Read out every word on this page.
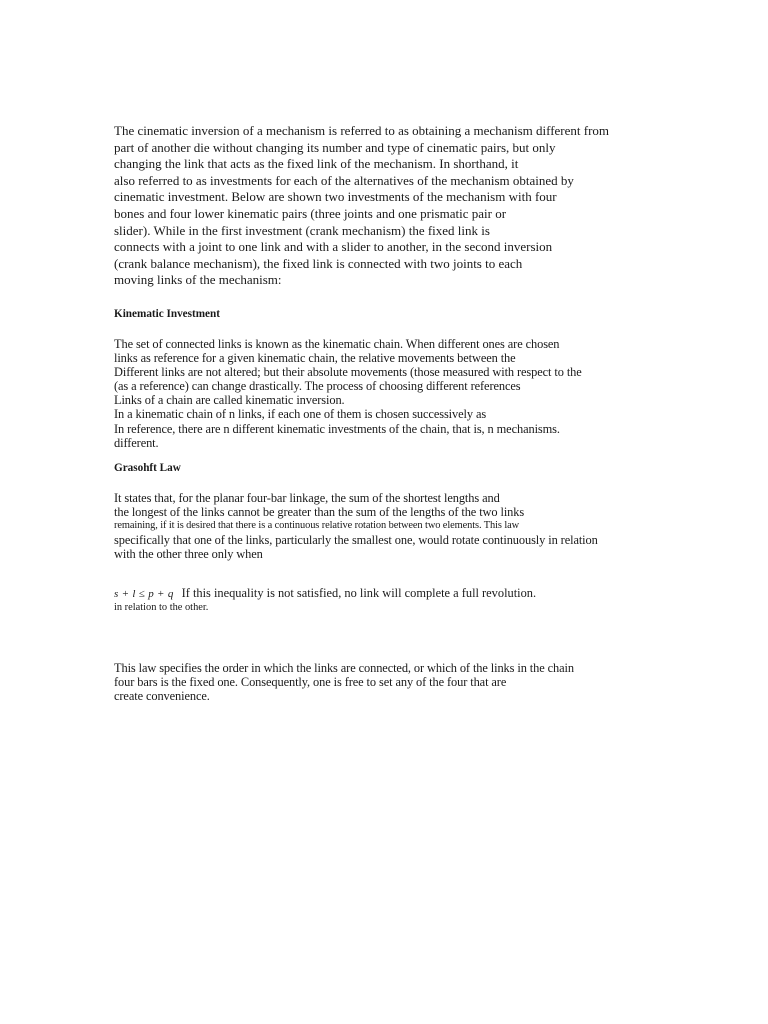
The cinematic inversion of a mechanism is referred to as obtaining a mechanism different from
part of another die without changing its number and type of cinematic pairs, but only
changing the link that acts as the fixed link of the mechanism. In shorthand, it
also referred to as investments for each of the alternatives of the mechanism obtained by
cinematic investment. Below are shown two investments of the mechanism with four
bones and four lower kinematic pairs (three joints and one prismatic pair or
slider). While in the first investment (crank mechanism) the fixed link is
connects with a joint to one link and with a slider to another, in the second inversion
(crank balance mechanism), the fixed link is connected with two joints to each
moving links of the mechanism:
Kinematic Investment
The set of connected links is known as the kinematic chain. When different ones are chosen
links as reference for a given kinematic chain, the relative movements between the
Different links are not altered; but their absolute movements (those measured with respect to the
(as a reference) can change drastically. The process of choosing different references
Links of a chain are called kinematic inversion.
In a kinematic chain of n links, if each one of them is chosen successively as
In reference, there are n different kinematic investments of the chain, that is, n mechanisms.
different.
Grasohft Law
It states that, for the planar four-bar linkage, the sum of the shortest lengths and
the longest of the links cannot be greater than the sum of the lengths of the two links
remaining, if it is desired that there is a continuous relative rotation between two elements. This law
specifically that one of the links, particularly the smallest one, would rotate continuously in relation
with the other three only when
s + l ≤ p + q If this inequality is not satisfied, no link will complete a full revolution.
in relation to the other.
This law specifies the order in which the links are connected, or which of the links in the chain
four bars is the fixed one. Consequently, one is free to set any of the four that are
create convenience.
